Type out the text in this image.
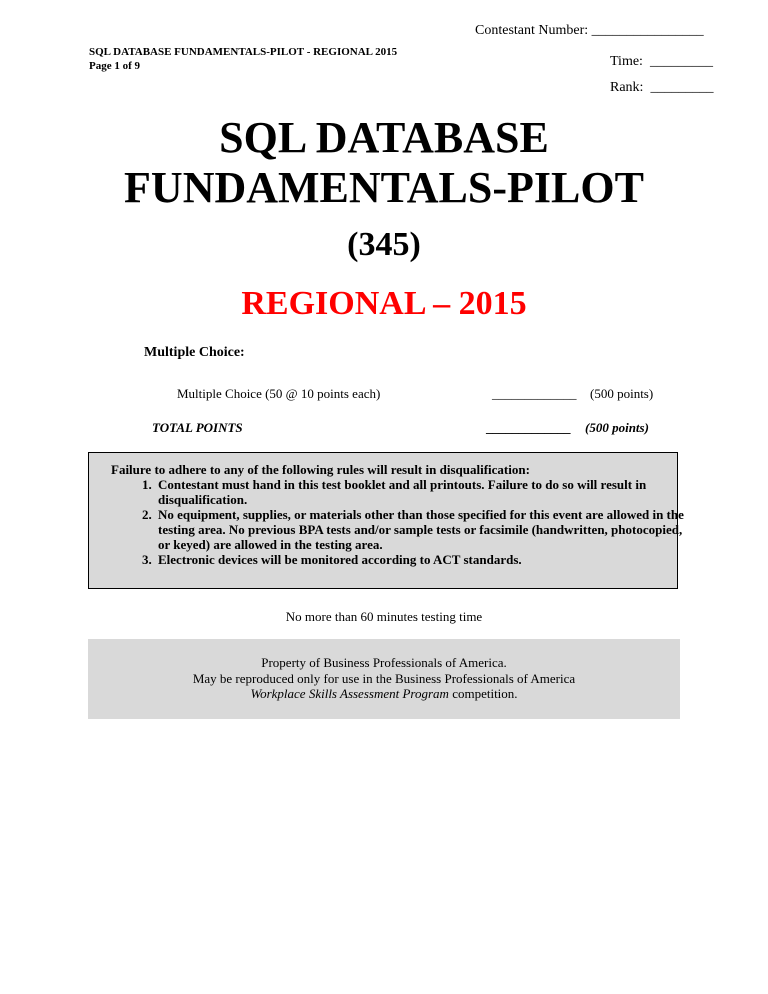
Contestant Number: ________________
SQL DATABASE FUNDAMENTALS-PILOT - REGIONAL 2015
Page 1 of 9	Time: _________
Rank: _________
SQL DATABASE
FUNDAMENTALS-PILOT
(345)
REGIONAL – 2015
Multiple Choice:
Multiple Choice (50 @ 10 points each)	_____________ (500 points)
TOTAL POINTS	_____________ (500 points)
Failure to adhere to any of the following rules will result in disqualification:
1. Contestant must hand in this test booklet and all printouts. Failure to do so will result in disqualification.
2. No equipment, supplies, or materials other than those specified for this event are allowed in the testing area. No previous BPA tests and/or sample tests or facsimile (handwritten, photocopied, or keyed) are allowed in the testing area.
3. Electronic devices will be monitored according to ACT standards.
No more than 60 minutes testing time
Property of Business Professionals of America.
May be reproduced only for use in the Business Professionals of America
Workplace Skills Assessment Program competition.
